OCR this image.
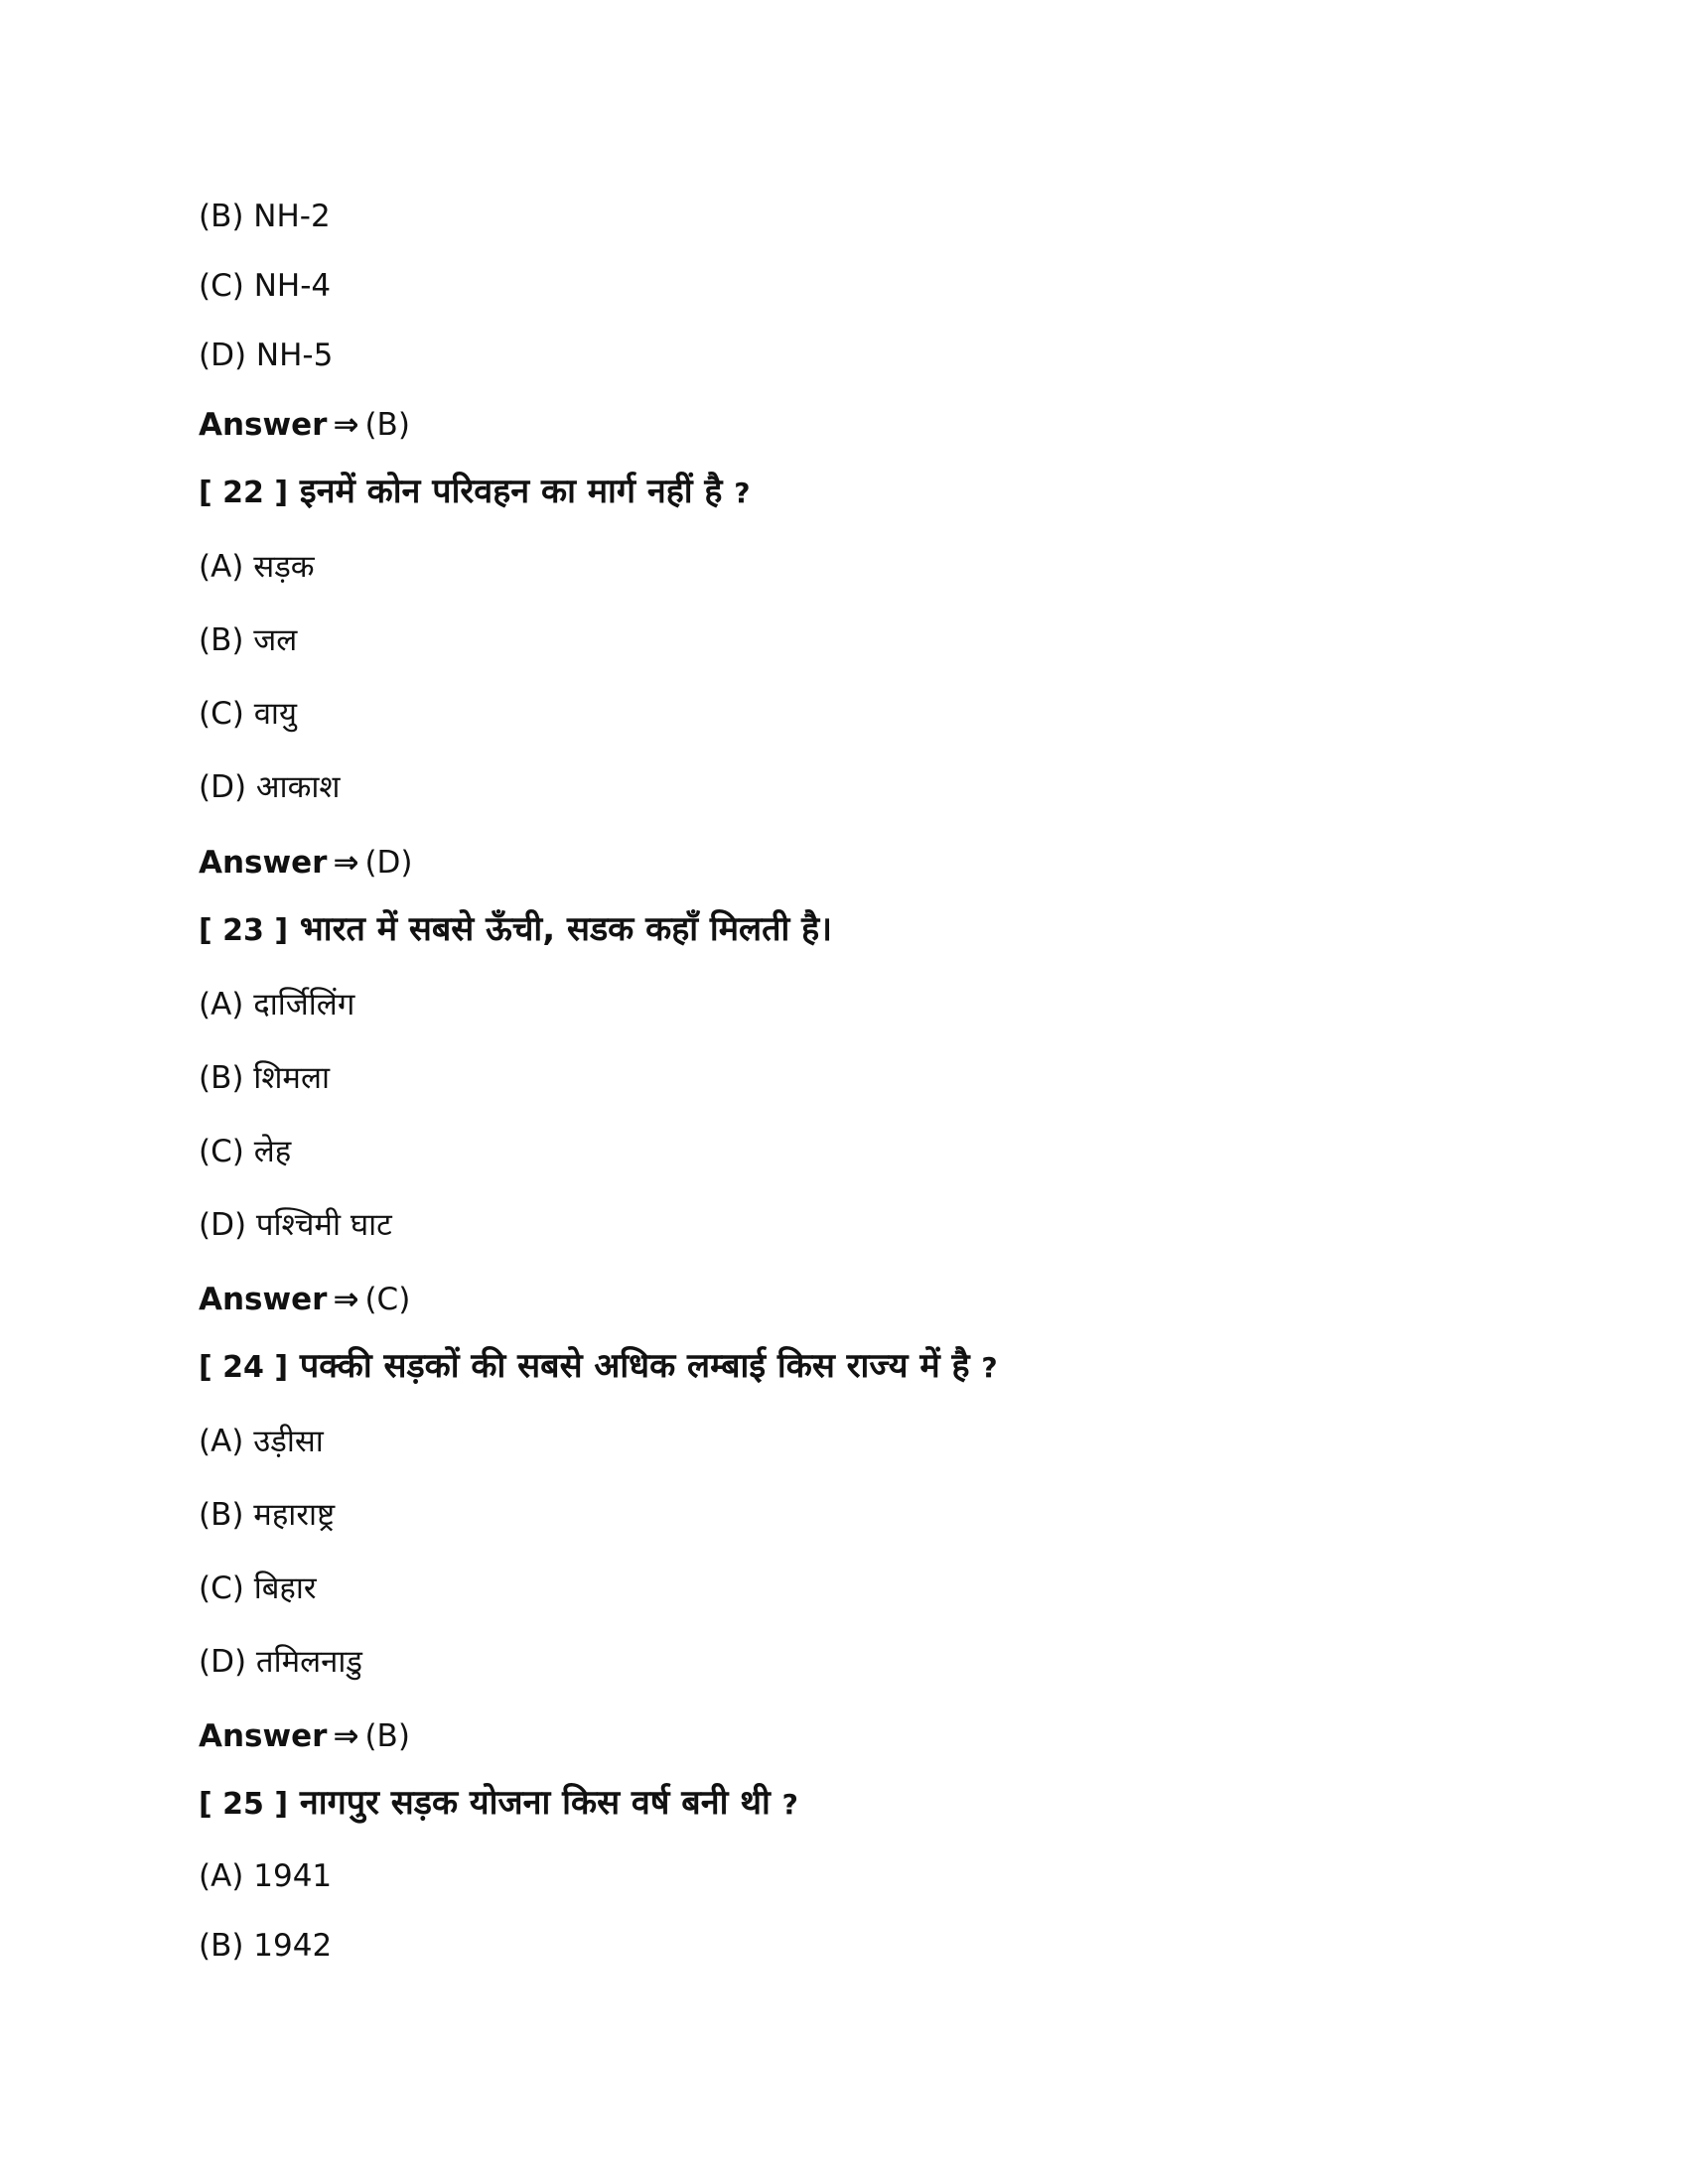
(B) NH-2
(C) NH-4
(D) NH-5
Answer ⇒ (B)
[ 22 ] इनमें कोन परिवहन का मार्ग नहीं है ?
(A) सड़क
(B) जल
(C) वायु
(D) आकाश
Answer ⇒ (D)
[ 23 ] भारत में सबसे ऊँची, सडक कहाँ मिलती है।
(A) दार्जिलिंग
(B) शिमला
(C) लेह
(D) पश्चिमी घाट
Answer ⇒ (C)
[ 24 ] पक्की सड़कों की सबसे अधिक लम्बाई किस राज्य में है ?
(A) उड़ीसा
(B) महाराष्ट्र
(C) बिहार
(D) तमिलनाडु
Answer ⇒ (B)
[ 25 ] नागपुर सड़क योजना किस वर्ष बनी थी ?
(A) 1941
(B) 1942
